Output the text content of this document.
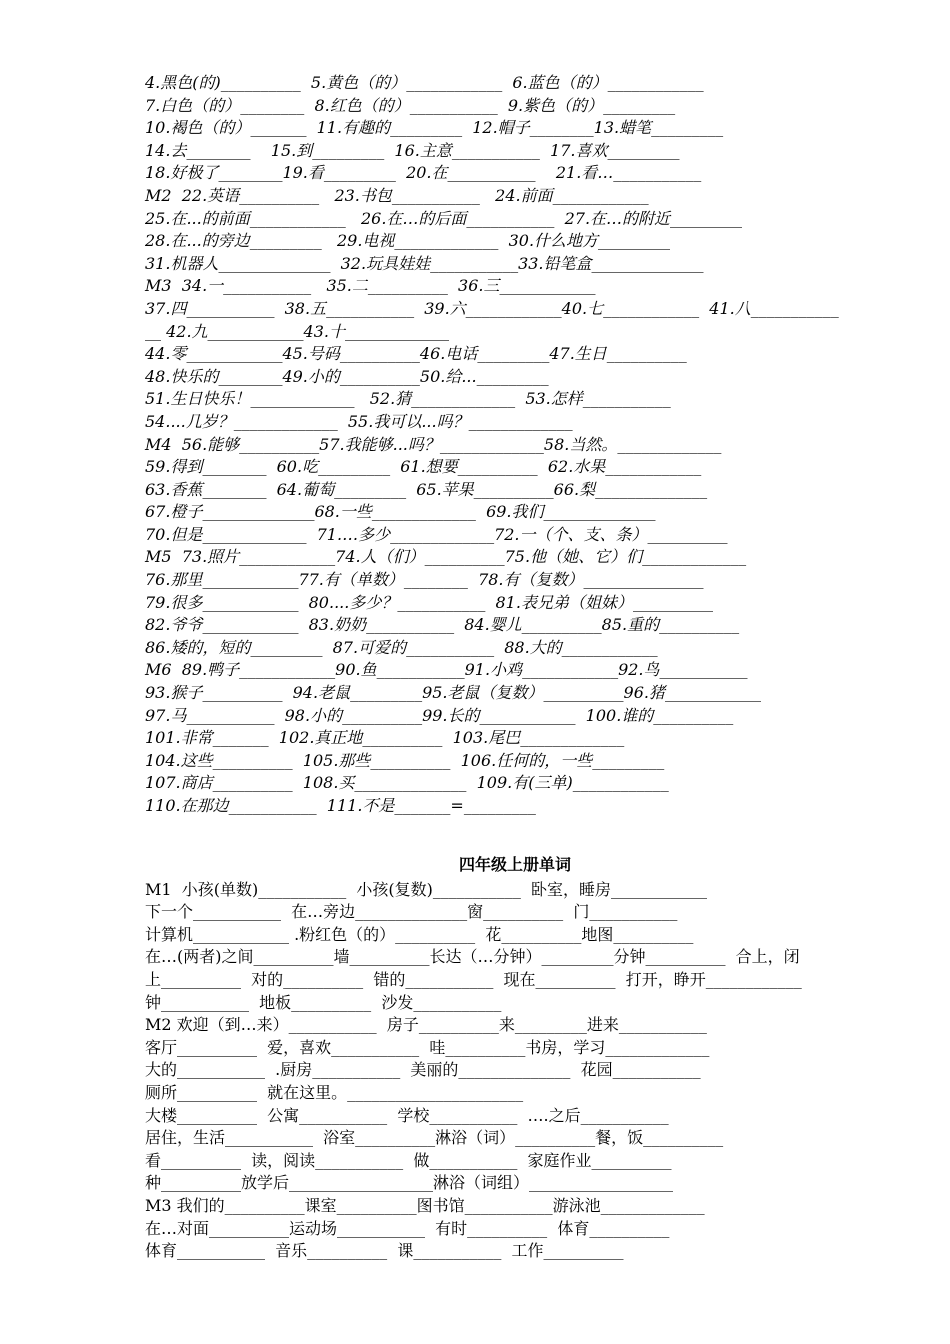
4.黑色(的)__________  5.黄色（的）____________  6.蓝色（的）____________
7.白色（的）________  8.红色（的）___________  9.紫色（的）_________
10.褐色（的）_______  11.有趣的_________  12.帽子________13.蜡笔_________
14.去________    15.到_________  16.主意___________  17.喜欢_________
18.好极了________19.看_________  20.在___________    21.看…___________
M2  22.英语__________   23.书包___________   24.前面____________
25.在...的前面____________   26.在…的后面___________  27.在…的附近_________
28.在...的旁边_________   29.电视_____________  30.什么地方_________
31.机器人______________  32.玩具娃娃___________33.铅笔盒______________
M3  34.一___________   35.二__________  36.三____________
37.四___________  38.五___________  39.六____________40.七____________  41.八___________
__ 42.九____________43.十_____________
44.零____________45.号码__________46.电话_________47.生日__________
48.快乐的________49.小的__________50.给..._________
51.生日快乐！_____________   52.猜_____________  53.怎样___________
54....几岁？_____________  55.我可以...吗？_____________
M4  56.能够__________57.我能够...吗？_____________58.当然。_____________
59.得到________  60.吃_________  61.想要__________  62.水果____________
63.香蕉________  64.葡萄_________  65.苹果__________66.梨______________
67.橙子______________68.一些_____________  69.我们______________
70.但是_____________  71.…多少_____________72.一（个、支、条）__________
M5  73.照片____________74.人（们）__________75.他（她、它）们_____________
76.那里____________77.有（单数）________  78.有（复数）_______________
79.很多____________  80....多少？___________  81.表兄弟（姐妹）__________
82.爷爷____________  83.奶奶___________  84.婴儿__________85.重的__________
86.矮的，短的_________  87.可爱的___________  88.大的____________
M6  89.鸭子____________90.鱼___________91.小鸡____________92.鸟___________
93.猴子__________  94.老鼠_________95.老鼠（复数）__________96.猪____________
97.马___________  98.小的__________99.长的____________  100.谁的__________
101.非常_______  102.真正地__________  103.尾巴_____________
104.这些__________  105.那些__________  106.任何的，一些_________
107.商店__________  108.买______________  109.有(三单)____________
110.在那边___________  111.不是_______=_________
四年级上册单词
M1  小孩(单数)___________  小孩(复数)___________  卧室，睡房____________
下一个___________  在…旁边______________窗__________  门___________
计算机____________ .粉红色（的）__________  花__________地图__________
在…(两者)之间__________墙__________长达（…分钟）_________分钟__________  合上，闭
上__________  对的__________  错的___________  现在__________  打开，睁开____________
钟___________  地板__________  沙发___________
M2 欢迎（到…来）___________  房子__________来_________进来___________
客厅__________  爱，喜欢___________  哇__________书房，学习_____________
大的___________  .厨房___________  美丽的______________  花园___________
厕所__________  就在这里。______________________
大楼__________  公寓___________  学校___________  ….之后___________
居住，生活___________  浴室__________淋浴（词）__________餐，饭__________
看__________  读，阅读___________  做___________  家庭作业__________
种__________放学后__________________淋浴（词组）__________________
M3 我们的__________课室__________图书馆___________游泳池_____________
在…对面__________运动场___________  有时__________  体育__________
体育___________  音乐__________  课___________  工作__________
